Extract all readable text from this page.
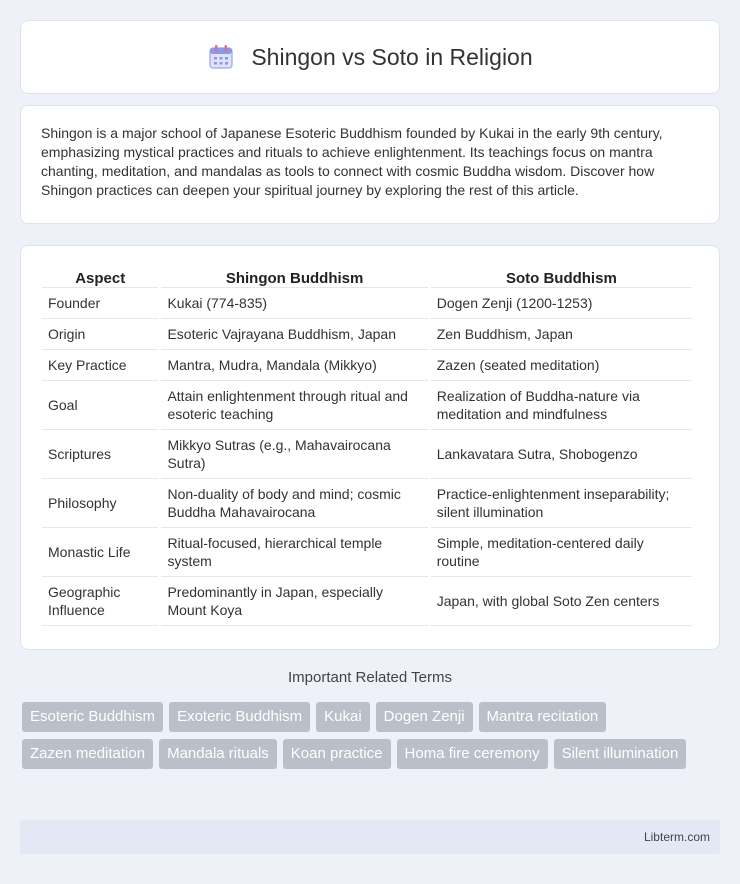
Shingon vs Soto in Religion

Shingon is a major school of Japanese Esoteric Buddhism founded by Kukai in the early 9th century, emphasizing mystical practices and rituals to achieve enlightenment. Its teachings focus on mantra chanting, meditation, and mandalas as tools to connect with cosmic Buddha wisdom. Discover how Shingon practices can deepen your spiritual journey by exploring the rest of this article.

Aspect	Shingon Buddhism	Soto Buddhism
Founder	Kukai (774-835)	Dogen Zenji (1200-1253)
Origin	Esoteric Vajrayana Buddhism, Japan	Zen Buddhism, Japan
Key Practice	Mantra, Mudra, Mandala (Mikkyo)	Zazen (seated meditation)
Goal	Attain enlightenment through ritual and esoteric teaching	Realization of Buddha-nature via meditation and mindfulness
Scriptures	Mikkyo Sutras (e.g., Mahavairocana Sutra)	Lankavatara Sutra, Shobogenzo
Philosophy	Non-duality of body and mind; cosmic Buddha Mahavairocana	Practice-enlightenment inseparability; silent illumination
Monastic Life	Ritual-focused, hierarchical temple system	Simple, meditation-centered daily routine
Geographic Influence	Predominantly in Japan, especially Mount Koya	Japan, with global Soto Zen centers
Important Related Terms
Esoteric Buddhism	Exoteric Buddhism	Kukai	Dogen Zenji	Mantra recitation
Zazen meditation	Mandala rituals	Koan practice	Homa fire ceremony	Silent illumination
Libterm.com
